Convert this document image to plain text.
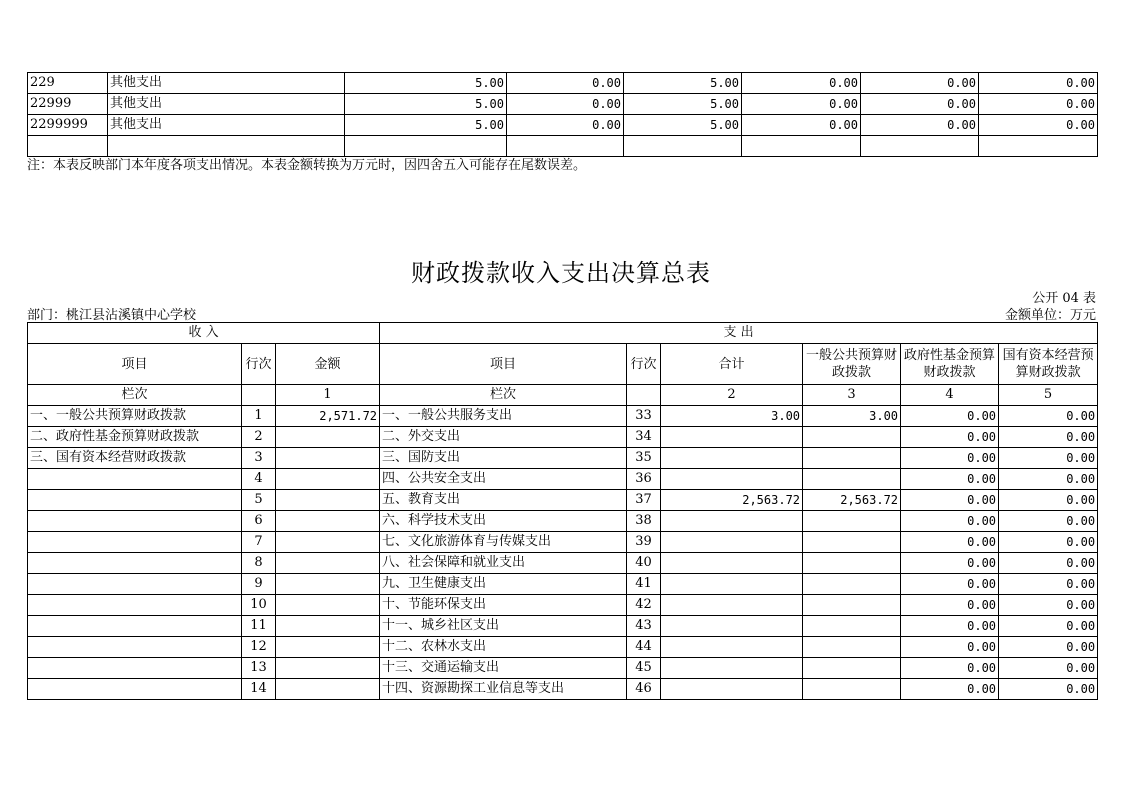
229	其他支出	5.00	0.00	5.00	0.00	0.00	0.00
22999	其他支出	5.00	0.00	5.00	0.00	0.00	0.00
2299999	其他支出	5.00	0.00	5.00	0.00	0.00	0.00

注：本表反映部门本年度各项支出情况。本表金额转换为万元时，因四舍五入可能存在尾数误差。
财政拨款收入支出决算总表
公开 04 表
部门：桃江县沾溪镇中心学校	金额单位：万元
收 入			支 出					
项目	行次	金额	项目	行次	合计	一般公共预算财政拨款	政府性基金预算财政拨款	国有资本经营预算财政拨款
栏次		1	栏次		2	3	4	5
一、一般公共预算财政拨款	1	2,571.72	一、一般公共服务支出	33	3.00	3.00	0.00	0.00
二、政府性基金预算财政拨款	2		二、外交支出	34			0.00	0.00
三、国有资本经营财政拨款	3		三、国防支出	35			0.00	0.00
	4		四、公共安全支出	36			0.00	0.00
	5		五、教育支出	37	2,563.72	2,563.72	0.00	0.00
	6		六、科学技术支出	38			0.00	0.00
	7		七、文化旅游体育与传媒支出	39			0.00	0.00
	8		八、社会保障和就业支出	40			0.00	0.00
	9		九、卫生健康支出	41			0.00	0.00
	10		十、节能环保支出	42			0.00	0.00
	11		十一、城乡社区支出	43			0.00	0.00
	12		十二、农林水支出	44			0.00	0.00
	13		十三、交通运输支出	45			0.00	0.00
	14		十四、资源勘探工业信息等支出	46			0.00	0.00
